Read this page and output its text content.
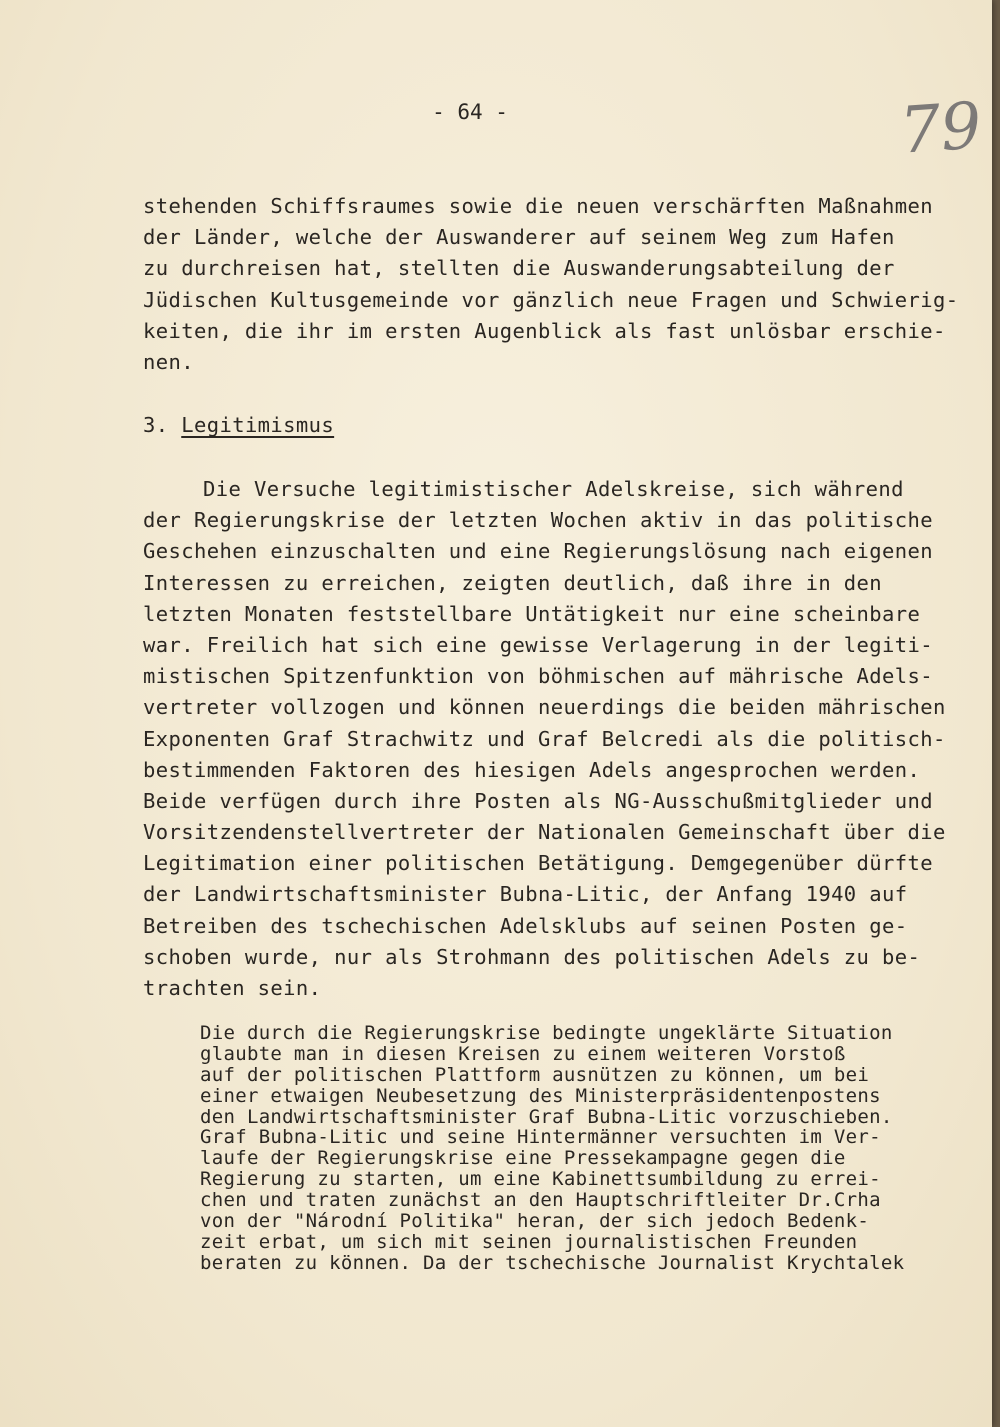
- 64 -	79
stehenden Schiffsraumes sowie die neuen verschärften Maßnahmen
der Länder, welche der Auswanderer auf seinem Weg zum Hafen
zu durchreisen hat, stellten die Auswanderungsabteilung der
Jüdischen Kultusgemeinde vor gänzlich neue Fragen und Schwierig-
keiten, die ihr im ersten Augenblick als fast unlösbar erschie-
nen.
3. Legitimismus
Die Versuche legitimistischer Adelskreise, sich während
der Regierungskrise der letzten Wochen aktiv in das politische
Geschehen einzuschalten und eine Regierungslösung nach eigenen
Interessen zu erreichen, zeigten deutlich, daß ihre in den
letzten Monaten feststellbare Untätigkeit nur eine scheinbare
war. Freilich hat sich eine gewisse Verlagerung in der legiti-
mistischen Spitzenfunktion von böhmischen auf mährische Adels-
vertreter vollzogen und können neuerdings die beiden mährischen
Exponenten Graf Strachwitz und Graf Belcredi als die politisch-
bestimmenden Faktoren des hiesigen Adels angesprochen werden.
Beide verfügen durch ihre Posten als NG-Ausschußmitglieder und
Vorsitzendenstellvertreter der Nationalen Gemeinschaft über die
Legitimation einer politischen Betätigung. Demgegenüber dürfte
der Landwirtschaftsminister Bubna-Litic, der Anfang 1940 auf
Betreiben des tschechischen Adelsklubs auf seinen Posten ge-
schoben wurde, nur als Strohmann des politischen Adels zu be-
trachten sein.
Die durch die Regierungskrise bedingte ungeklärte Situation
glaubte man in diesen Kreisen zu einem weiteren Vorstoß
auf der politischen Plattform ausnützen zu können, um bei
einer etwaigen Neubesetzung des Ministerpräsidentenpostens
den Landwirtschaftsminister Graf Bubna-Litic vorzuschieben.
Graf Bubna-Litic und seine Hintermänner versuchten im Ver-
laufe der Regierungskrise eine Pressekampagne gegen die
Regierung zu starten, um eine Kabinettsumbildung zu errei-
chen und traten zunächst an den Hauptschriftleiter Dr.Crha
von der "Národní Politika" heran, der sich jedoch Bedenk-
zeit erbat, um sich mit seinen journalistischen Freunden
beraten zu können. Da der tschechische Journalist Krychtalek
